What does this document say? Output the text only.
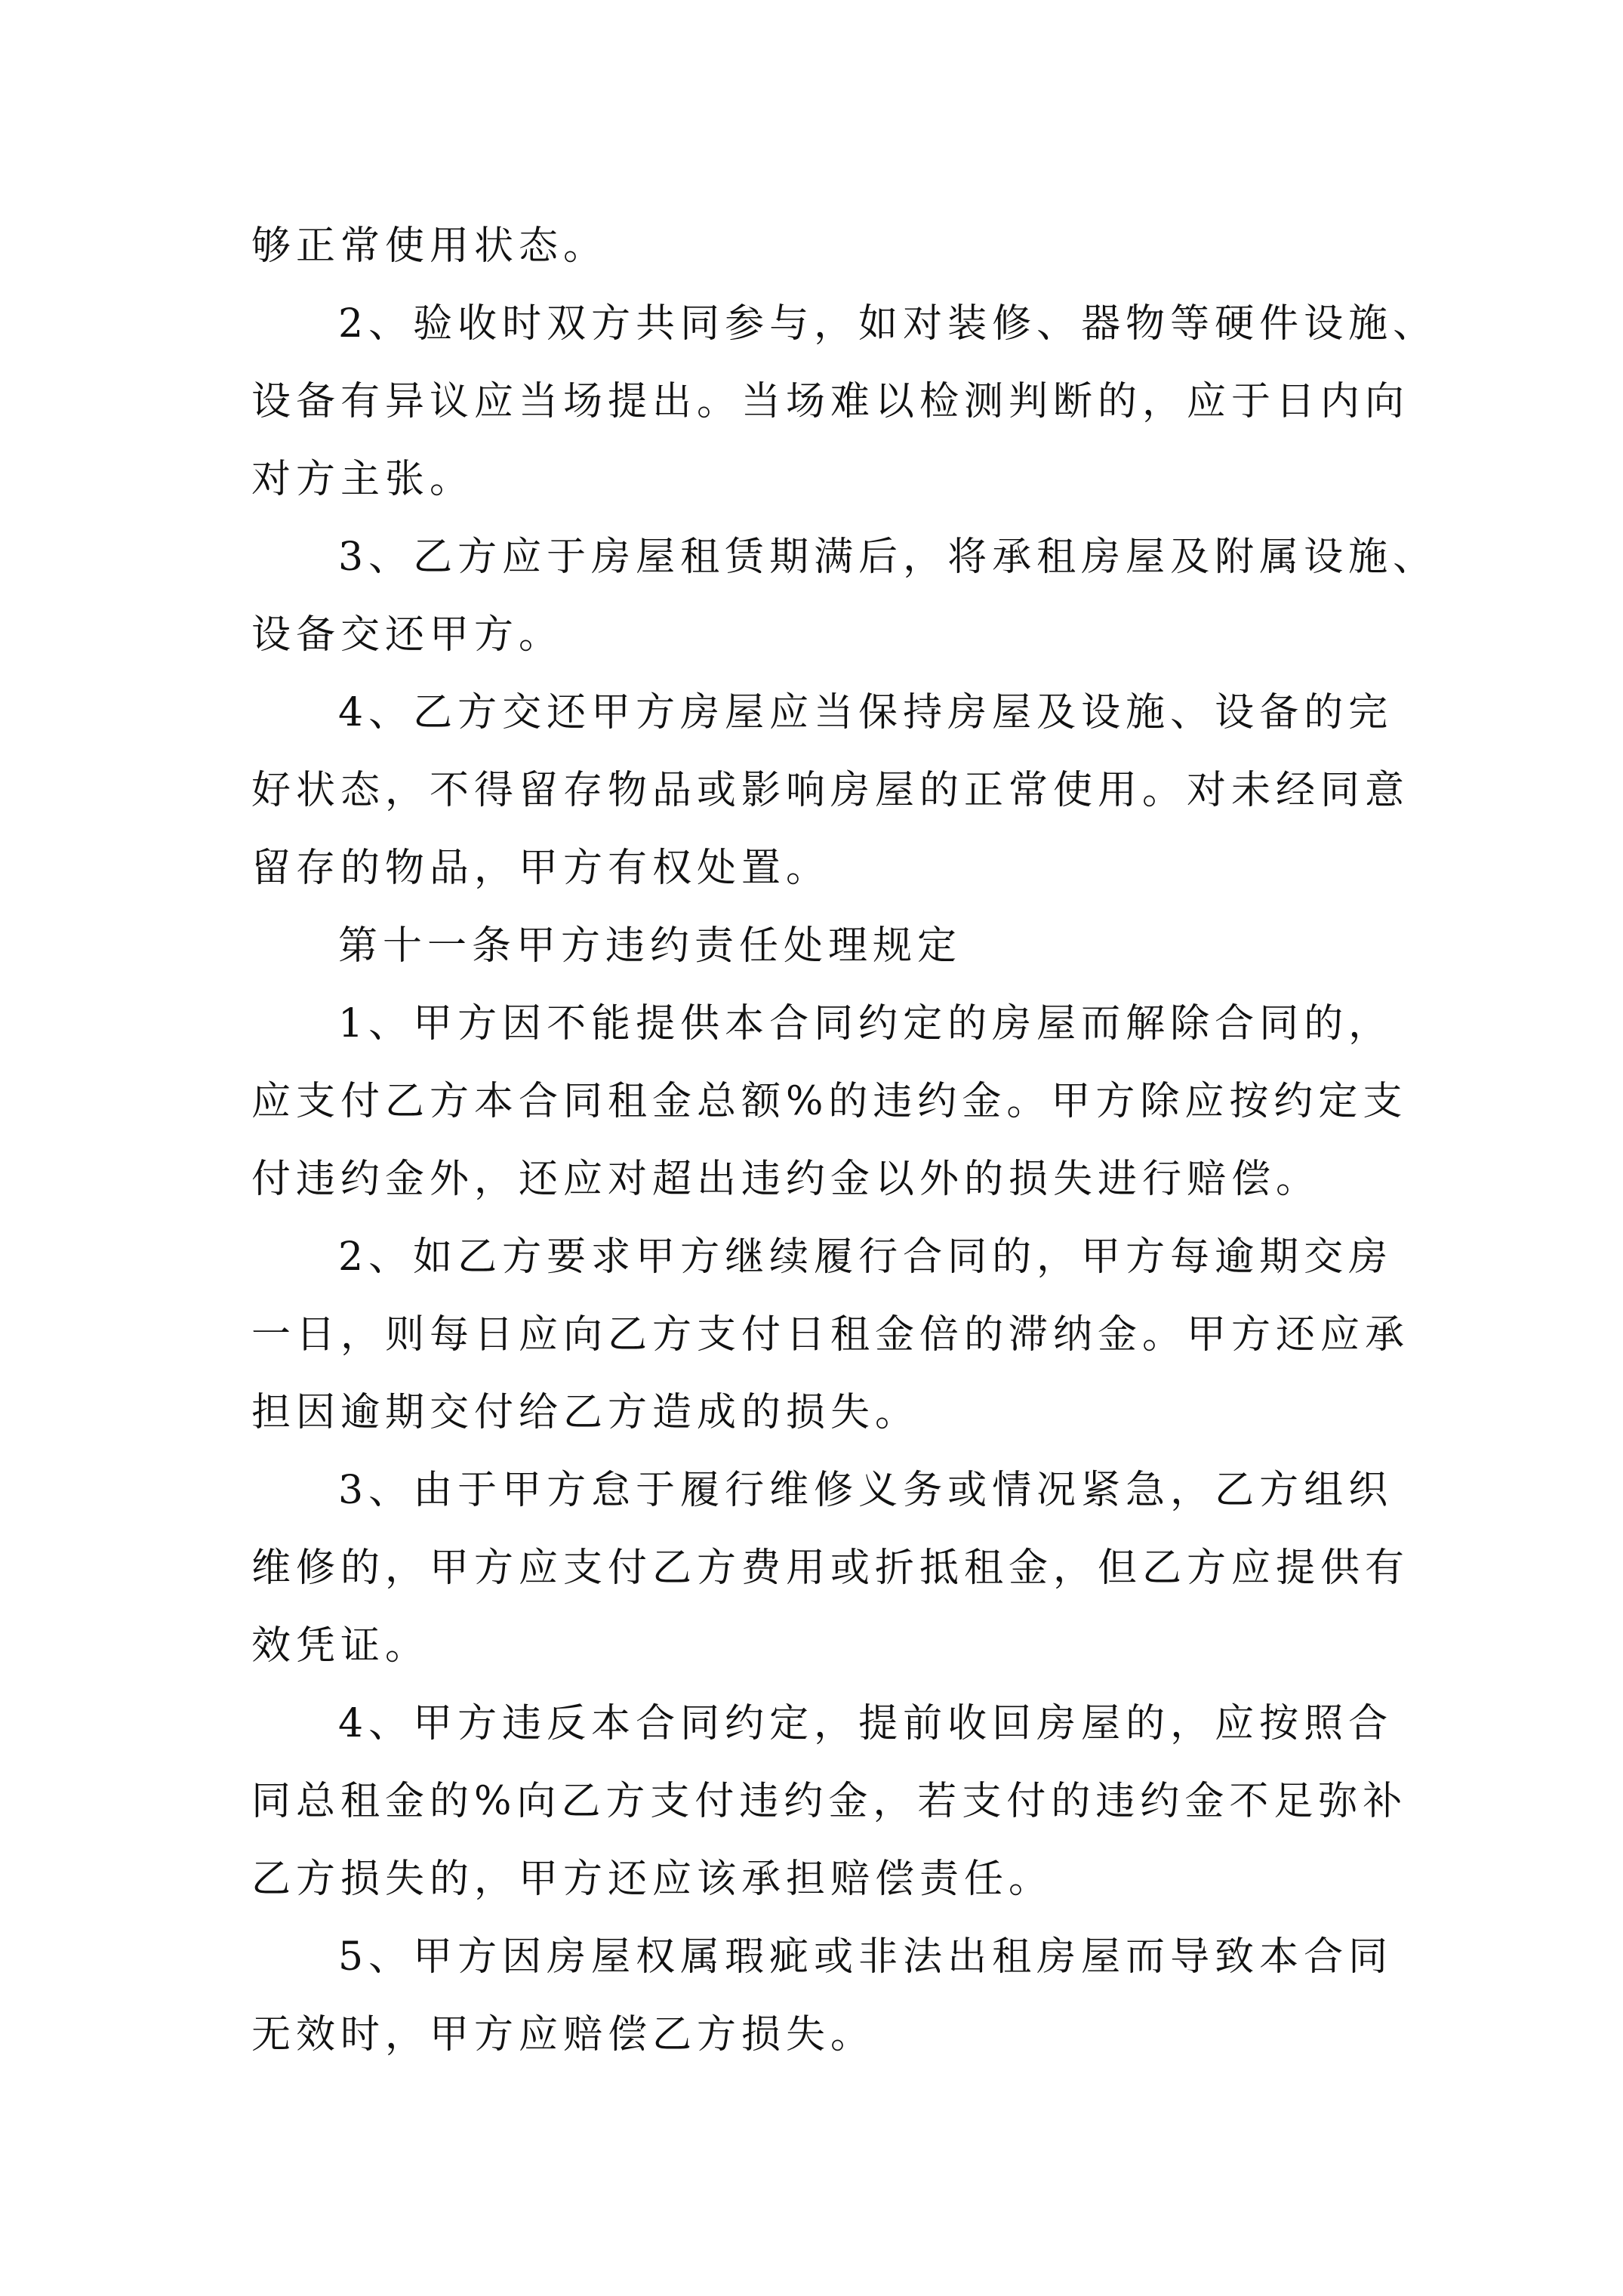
够正常使用状态。
2、验收时双方共同参与，如对装修、器物等硬件设施、
设备有异议应当场提出。当场难以检测判断的，应于日内向
对方主张。
3、乙方应于房屋租赁期满后，将承租房屋及附属设施、
设备交还甲方。
4、乙方交还甲方房屋应当保持房屋及设施、设备的完
好状态，不得留存物品或影响房屋的正常使用。对未经同意
留存的物品，甲方有权处置。
第十一条甲方违约责任处理规定
1、甲方因不能提供本合同约定的房屋而解除合同的，
应支付乙方本合同租金总额%的违约金。甲方除应按约定支
付违约金外，还应对超出违约金以外的损失进行赔偿。
2、如乙方要求甲方继续履行合同的，甲方每逾期交房
一日，则每日应向乙方支付日租金倍的滞纳金。甲方还应承
担因逾期交付给乙方造成的损失。
3、由于甲方怠于履行维修义务或情况紧急，乙方组织
维修的，甲方应支付乙方费用或折抵租金，但乙方应提供有
效凭证。
4、甲方违反本合同约定，提前收回房屋的，应按照合
同总租金的%向乙方支付违约金，若支付的违约金不足弥补
乙方损失的，甲方还应该承担赔偿责任。
5、甲方因房屋权属瑕疵或非法出租房屋而导致本合同
无效时，甲方应赔偿乙方损失。
